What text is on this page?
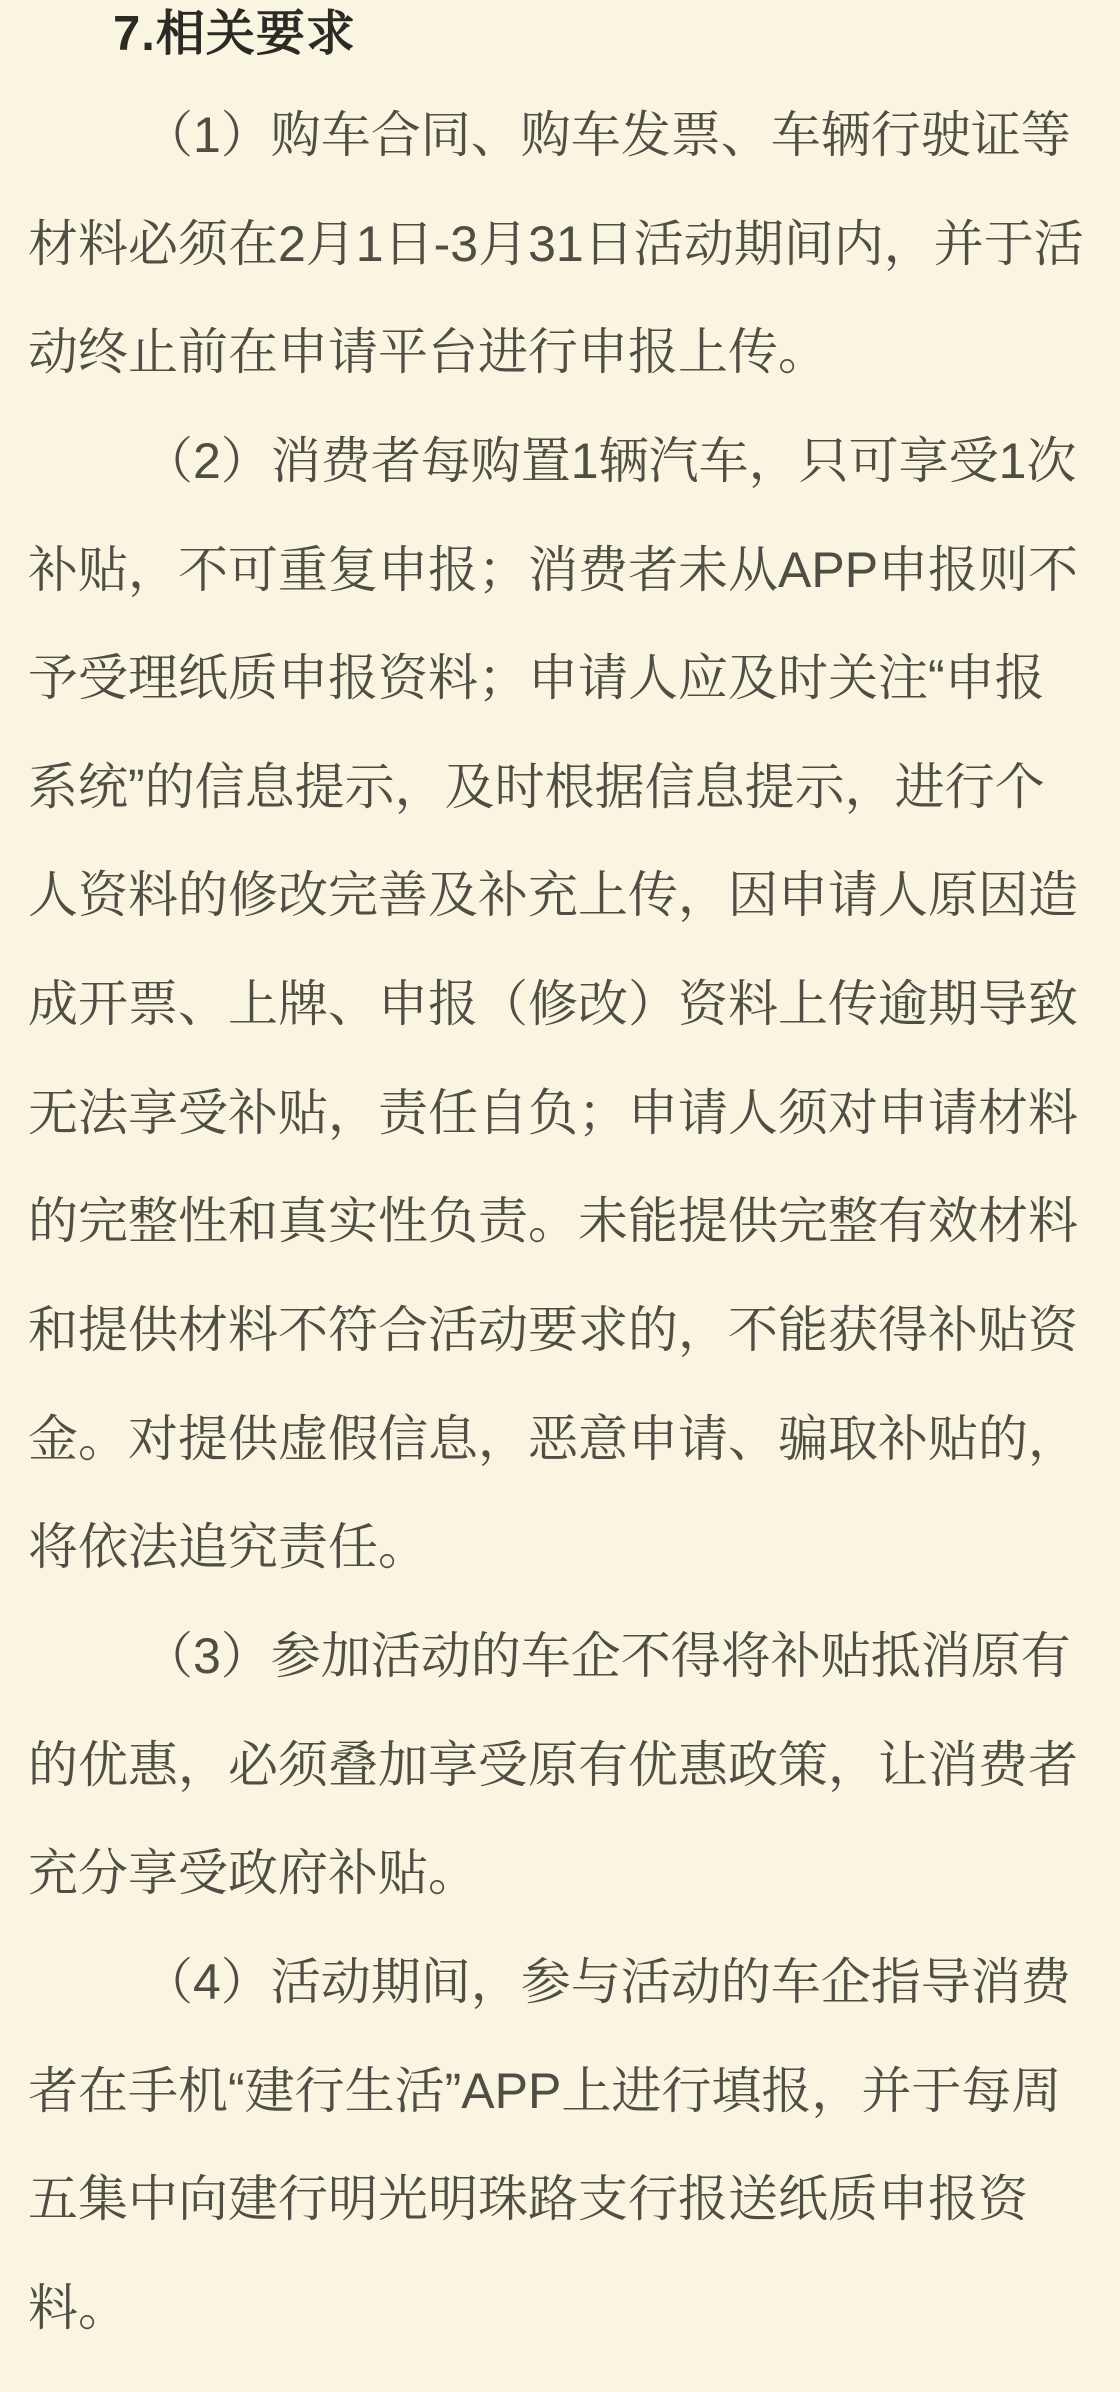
7.相关要求
（1）购车合同、购车发票、车辆行驶证等
材料必须在2月1日-3月31日活动期间内，并于活
动终止前在申请平台进行申报上传。
（2）消费者每购置1辆汽车，只可享受1次
补贴，不可重复申报；消费者未从APP申报则不
予受理纸质申报资料；申请人应及时关注“申报
系统”的信息提示，及时根据信息提示，进行个
人资料的修改完善及补充上传，因申请人原因造
成开票、上牌、申报（修改）资料上传逾期导致
无法享受补贴，责任自负；申请人须对申请材料
的完整性和真实性负责。未能提供完整有效材料
和提供材料不符合活动要求的，不能获得补贴资
金。对提供虚假信息，恶意申请、骗取补贴的，
将依法追究责任。
（3）参加活动的车企不得将补贴抵消原有
的优惠，必须叠加享受原有优惠政策，让消费者
充分享受政府补贴。
（4）活动期间，参与活动的车企指导消费
者在手机“建行生活”APP上进行填报，并于每周
五集中向建行明光明珠路支行报送纸质申报资
料。
